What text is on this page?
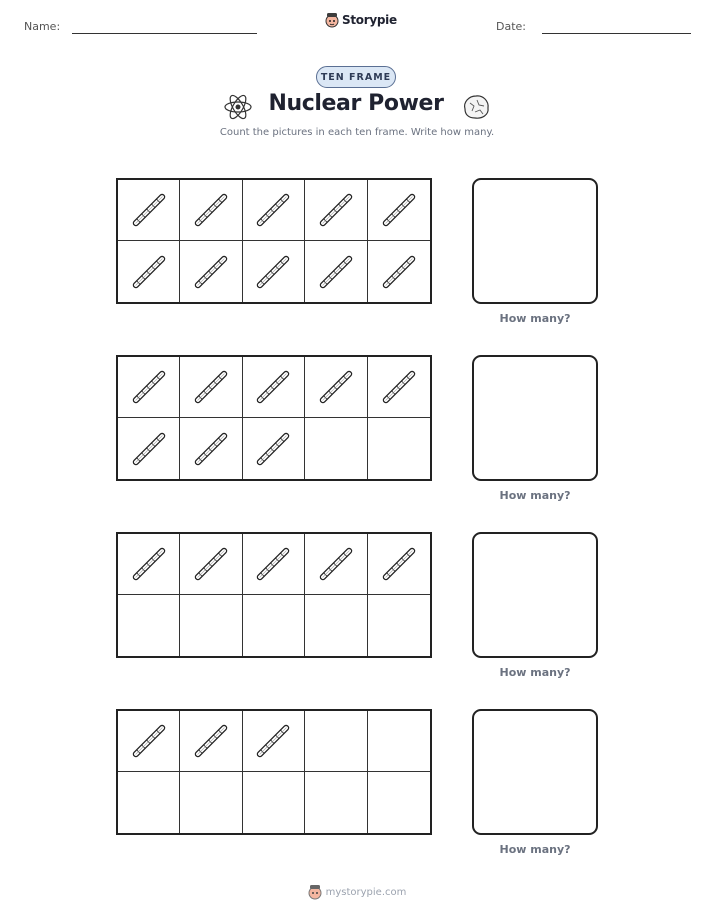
Name:	Storypie	Date:
TEN FRAME
Nuclear Power
Count the pictures in each ten frame. Write how many.
How many?
How many?
How many?
How many?
mystorypie.com
